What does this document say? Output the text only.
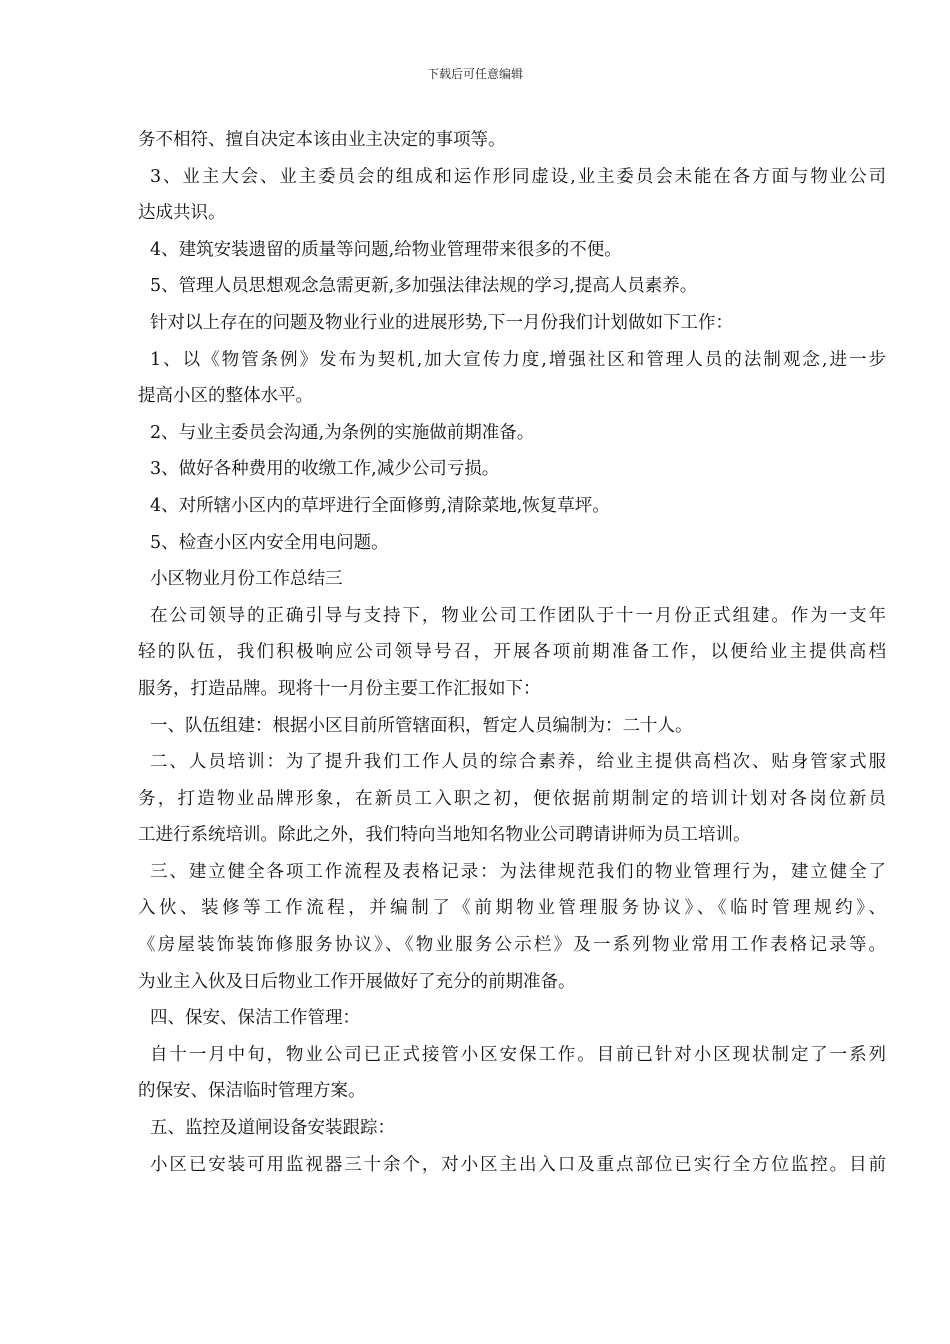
下载后可任意编辑
务不相符、擅自决定本该由业主决定的事项等。
3、业主大会、业主委员会的组成和运作形同虚设,业主委员会未能在各方面与物业公司
达成共识。
4、建筑安装遗留的质量等问题,给物业管理带来很多的不便。
5、管理人员思想观念急需更新,多加强法律法规的学习,提高人员素养。
针对以上存在的问题及物业行业的进展形势,下一月份我们计划做如下工作：
1、以《物管条例》发布为契机,加大宣传力度,增强社区和管理人员的法制观念,进一步
提高小区的整体水平。
2、与业主委员会沟通,为条例的实施做前期准备。
3、做好各种费用的收缴工作,减少公司亏损。
4、对所辖小区内的草坪进行全面修剪,清除菜地,恢复草坪。
5、检查小区内安全用电问题。
小区物业月份工作总结三
在公司领导的正确引导与支持下，物业公司工作团队于十一月份正式组建。作为一支年
轻的队伍，我们积极响应公司领导号召，开展各项前期准备工作，以便给业主提供高档
服务，打造品牌。现将十一月份主要工作汇报如下：
一、队伍组建：根据小区目前所管辖面积，暂定人员编制为：二十人。
二、人员培训：为了提升我们工作人员的综合素养，给业主提供高档次、贴身管家式服
务，打造物业品牌形象，在新员工入职之初，便依据前期制定的培训计划对各岗位新员
工进行系统培训。除此之外，我们特向当地知名物业公司聘请讲师为员工培训。
三、建立健全各项工作流程及表格记录：为法律规范我们的物业管理行为，建立健全了
入伙、装修等工作流程，并编制了《前期物业管理服务协议》、《临时管理规约》、
《房屋装饰装饰修服务协议》、《物业服务公示栏》及一系列物业常用工作表格记录等。
为业主入伙及日后物业工作开展做好了充分的前期准备。
四、保安、保洁工作管理：
自十一月中旬，物业公司已正式接管小区安保工作。目前已针对小区现状制定了一系列
的保安、保洁临时管理方案。
五、监控及道闸设备安装跟踪：
小区已安装可用监视器三十余个，对小区主出入口及重点部位已实行全方位监控。目前
